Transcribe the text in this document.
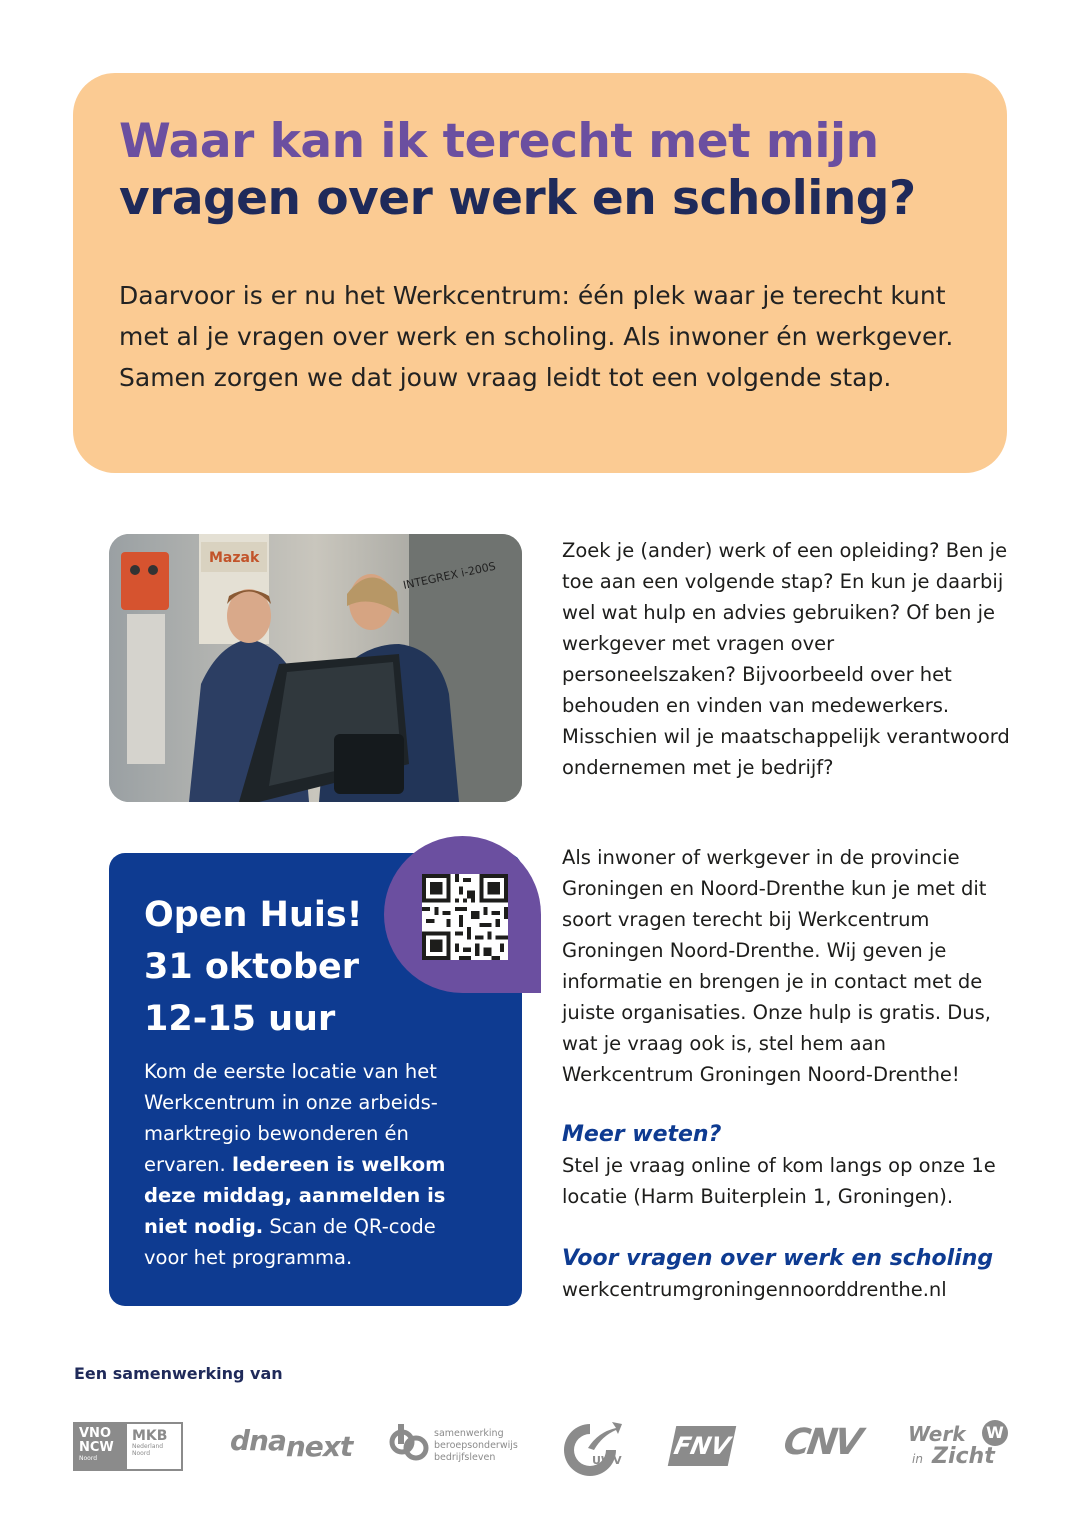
Waar kan ik terecht met mijn
vragen over werk en scholing?

Daarvoor is er nu het Werkcentrum: één plek waar je terecht kunt met al je vragen over werk en scholing. Als inwoner én werkgever. Samen zorgen we dat jouw vraag leidt tot een volgende stap.

Mazak
INTEGREX i-200S
Open Huis!
31 oktober
12-15 uur

Kom de eerste locatie van het Werkcentrum in onze arbeids-marktregio bewonderen én ervaren. Iedereen is welkom deze middag, aanmelden is niet nodig. Scan de QR-code voor het programma.

Zoek je (ander) werk of een opleiding? Ben je toe aan een volgende stap? En kun je daarbij wel wat hulp en advies gebruiken? Of ben je werkgever met vragen over personeelszaken? Bijvoorbeeld over het behouden en vinden van medewerkers. Misschien wil je maatschappelijk verantwoord ondernemen met je bedrijf?

Als inwoner of werkgever in de provincie Groningen en Noord-Drenthe kun je met dit soort vragen terecht bij Werkcentrum Groningen Noord-Drenthe. Wij geven je informatie en brengen je in contact met de juiste organisaties. Onze hulp is gratis. Dus, wat je vraag ook is, stel hem aan Werkcentrum Groningen Noord-Drenthe!

Meer weten?

Stel je vraag online of kom langs op onze 1e locatie (Harm Buiterplein 1, Groningen).

Voor vragen over werk en scholing

werkcentrumgroningennoorddrenthe.nl

Een samenwerking van

VNO
NCW
Noord
MKB
Nederland Noord	dnanext	samenwerking beroepsonderwijs bedrijfsleven	UWV
FNV CNV Werk
in Zicht
W
